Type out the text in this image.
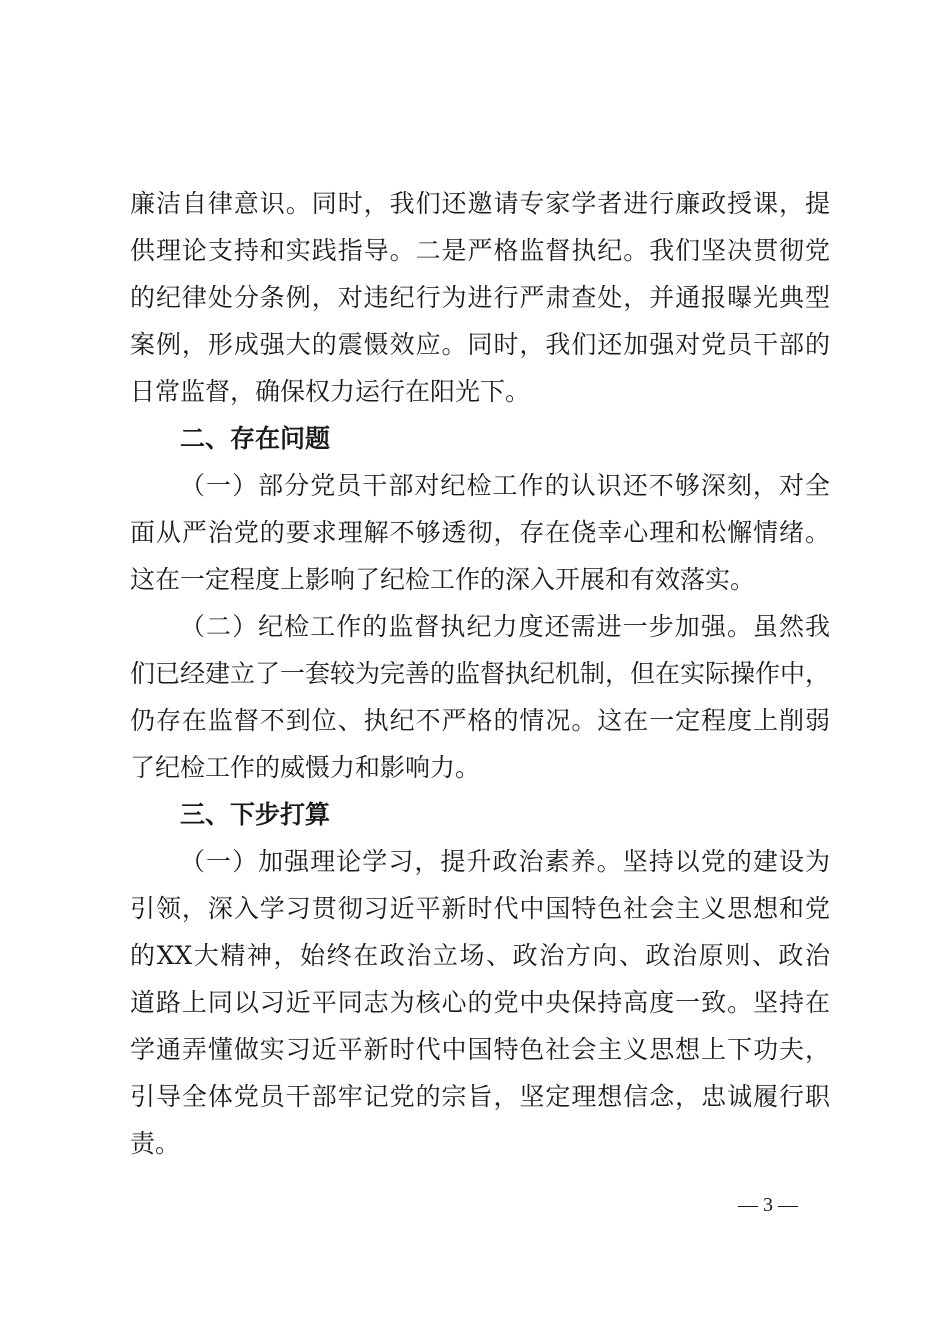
廉洁自律意识。同时，我们还邀请专家学者进行廉政授课，提
供理论支持和实践指导。二是严格监督执纪。我们坚决贯彻党
的纪律处分条例，对违纪行为进行严肃查处，并通报曝光典型
案例，形成强大的震慑效应。同时，我们还加强对党员干部的
日常监督，确保权力运行在阳光下。
二、存在问题
（一）部分党员干部对纪检工作的认识还不够深刻，对全
面从严治党的要求理解不够透彻，存在侥幸心理和松懈情绪。
这在一定程度上影响了纪检工作的深入开展和有效落实。
（二）纪检工作的监督执纪力度还需进一步加强。虽然我
们已经建立了一套较为完善的监督执纪机制，但在实际操作中，
仍存在监督不到位、执纪不严格的情况。这在一定程度上削弱
了纪检工作的威慑力和影响力。
三、下步打算
（一）加强理论学习，提升政治素养。坚持以党的建设为
引领，深入学习贯彻习近平新时代中国特色社会主义思想和党
的XX大精神，始终在政治立场、政治方向、政治原则、政治
道路上同以习近平同志为核心的党中央保持高度一致。坚持在
学通弄懂做实习近平新时代中国特色社会主义思想上下功夫，
引导全体党员干部牢记党的宗旨，坚定理想信念，忠诚履行职
责。
— 3 —
